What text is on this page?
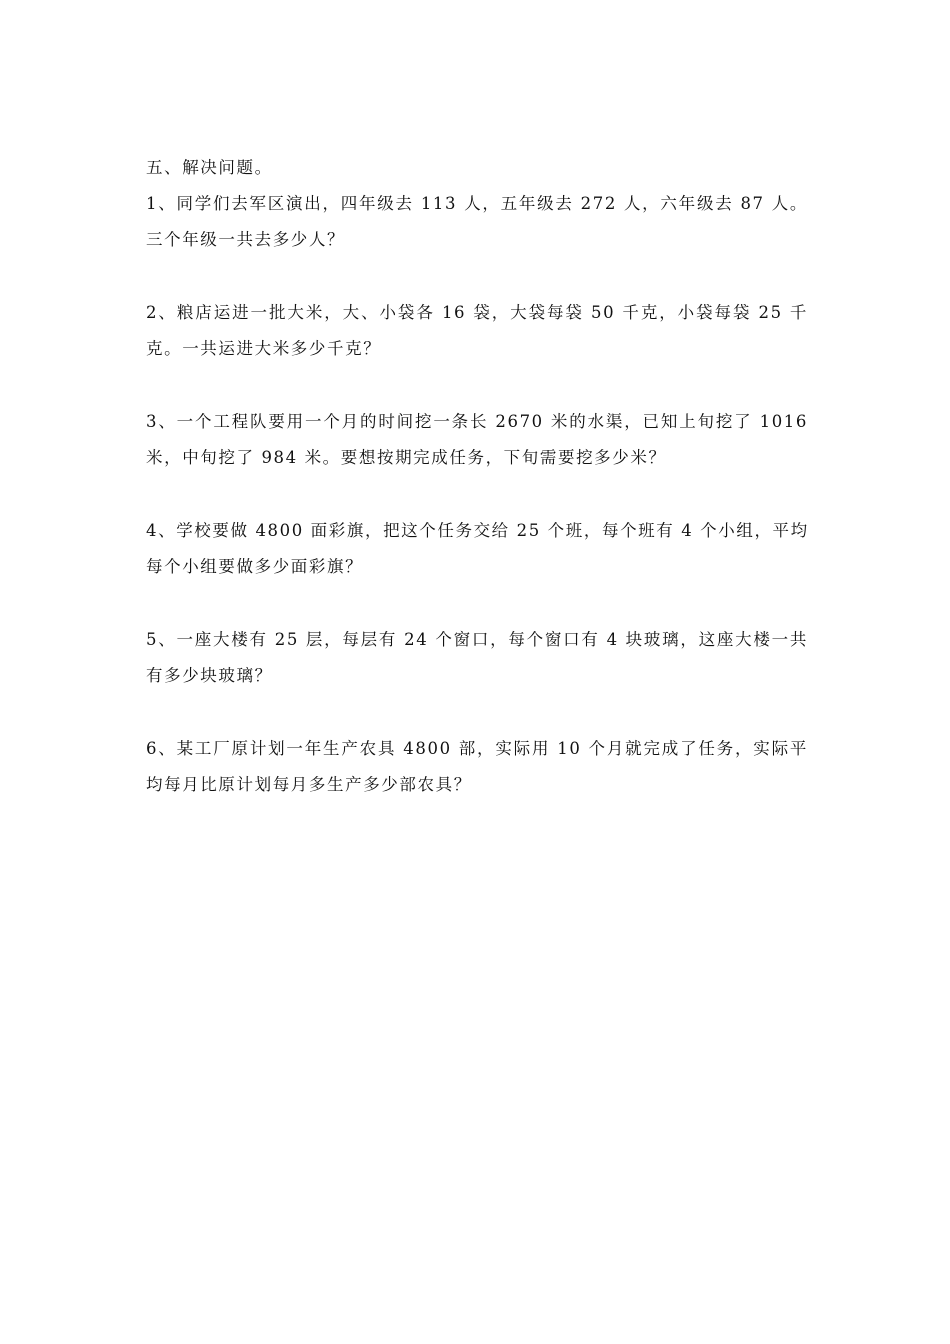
五、解决问题。
1、同学们去军区演出，四年级去 113 人，五年级去 272 人，六年级去 87 人。
三个年级一共去多少人？
2、粮店运进一批大米，大、小袋各 16 袋，大袋每袋 50 千克，小袋每袋 25 千
克。一共运进大米多少千克？
3、一个工程队要用一个月的时间挖一条长 2670 米的水渠，已知上旬挖了 1016
米，中旬挖了 984 米。要想按期完成任务，下旬需要挖多少米？
4、学校要做 4800 面彩旗，把这个任务交给 25 个班，每个班有 4 个小组，平均
每个小组要做多少面彩旗？
5、一座大楼有 25 层，每层有 24 个窗口，每个窗口有 4 块玻璃，这座大楼一共
有多少块玻璃？
6、某工厂原计划一年生产农具 4800 部，实际用 10 个月就完成了任务，实际平
均每月比原计划每月多生产多少部农具？
